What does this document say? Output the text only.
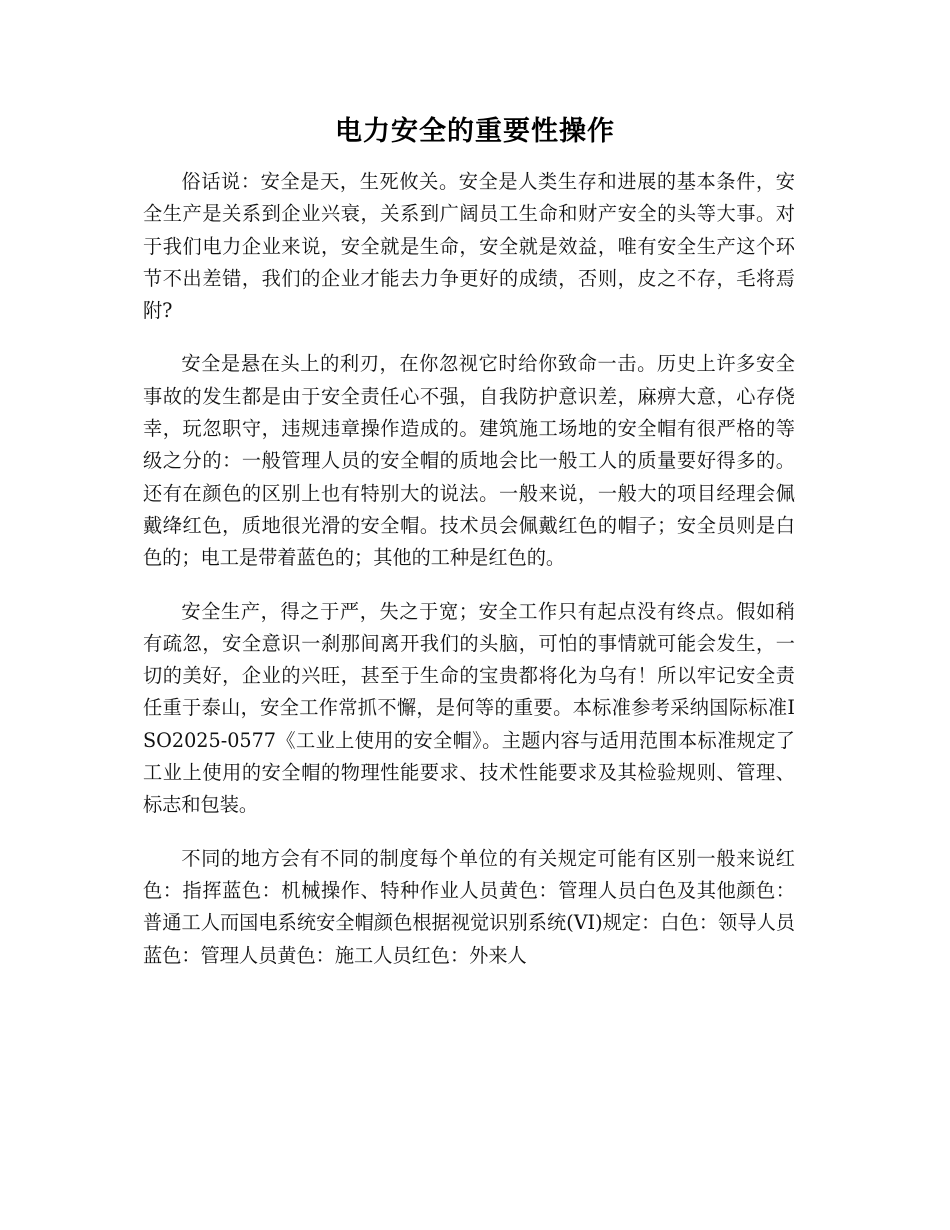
电力安全的重要性操作

俗话说：安全是天，生死攸关。安全是人类生存和进展的基本条件，安全生产是关系到企业兴衰，关系到广阔员工生命和财产安全的头等大事。对于我们电力企业来说，安全就是生命，安全就是效益，唯有安全生产这个环节不出差错，我们的企业才能去力争更好的成绩，否则，皮之不存，毛将焉附?

安全是悬在头上的利刃，在你忽视它时给你致命一击。历史上许多安全事故的发生都是由于安全责任心不强，自我防护意识差，麻痹大意，心存侥幸，玩忽职守，违规违章操作造成的。建筑施工场地的安全帽有很严格的等级之分的：一般管理人员的安全帽的质地会比一般工人的质量要好得多的。还有在颜色的区别上也有特别大的说法。一般来说，一般大的项目经理会佩戴绛红色，质地很光滑的安全帽。技术员会佩戴红色的帽子；安全员则是白色的；电工是带着蓝色的；其他的工种是红色的。

安全生产，得之于严，失之于宽；安全工作只有起点没有终点。假如稍有疏忽，安全意识一刹那间离开我们的头脑，可怕的事情就可能会发生，一切的美好，企业的兴旺，甚至于生命的宝贵都将化为乌有！所以牢记安全责任重于泰山，安全工作常抓不懈，是何等的重要。本标准参考采纳国际标准ISO2025-0577《工业上使用的安全帽》。主题内容与适用范围本标准规定了工业上使用的安全帽的物理性能要求、技术性能要求及其检验规则、管理、标志和包装。

不同的地方会有不同的制度每个单位的有关规定可能有区别一般来说红色：指挥蓝色：机械操作、特种作业人员黄色：管理人员白色及其他颜色：普通工人而国电系统安全帽颜色根据视觉识别系统(VI)规定：白色：领导人员蓝色：管理人员黄色：施工人员红色：外来人
